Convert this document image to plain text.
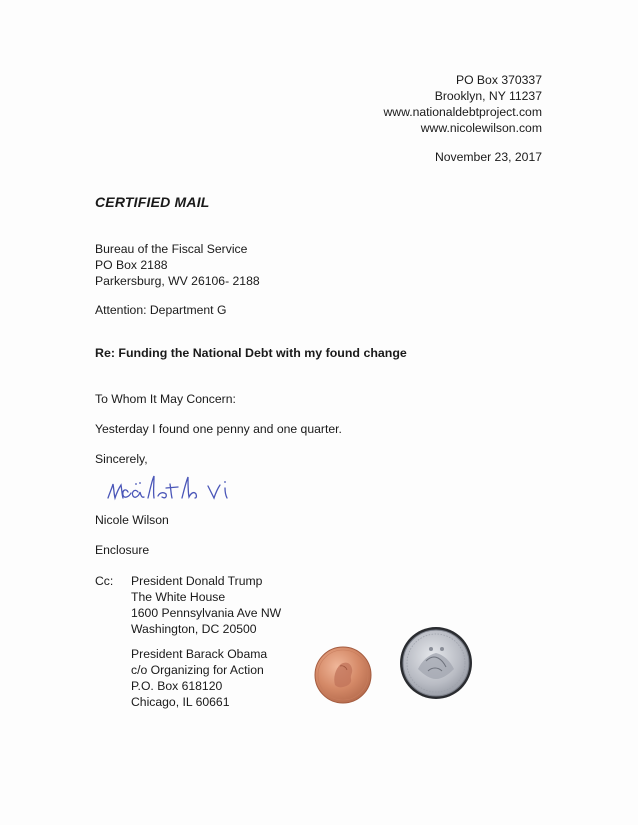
PO Box 370337
Brooklyn, NY 11237
www.nationaldebtproject.com
www.nicolewilson.com
November 23, 2017
CERTIFIED MAIL
Bureau of the Fiscal Service
PO Box 2188
Parkersburg, WV 26106- 2188
Attention: Department G
Re: Funding the National Debt with my found change
To Whom It May Concern:
Yesterday I found one penny and one quarter.
Sincerely,
Nicole Wilson
Enclosure
Cc: President Donald Trump
The White House
1600 Pennsylvania Ave NW
Washington, DC 20500
President Barack Obama
c/o Organizing for Action
P.O. Box 618120
Chicago, IL 60661
